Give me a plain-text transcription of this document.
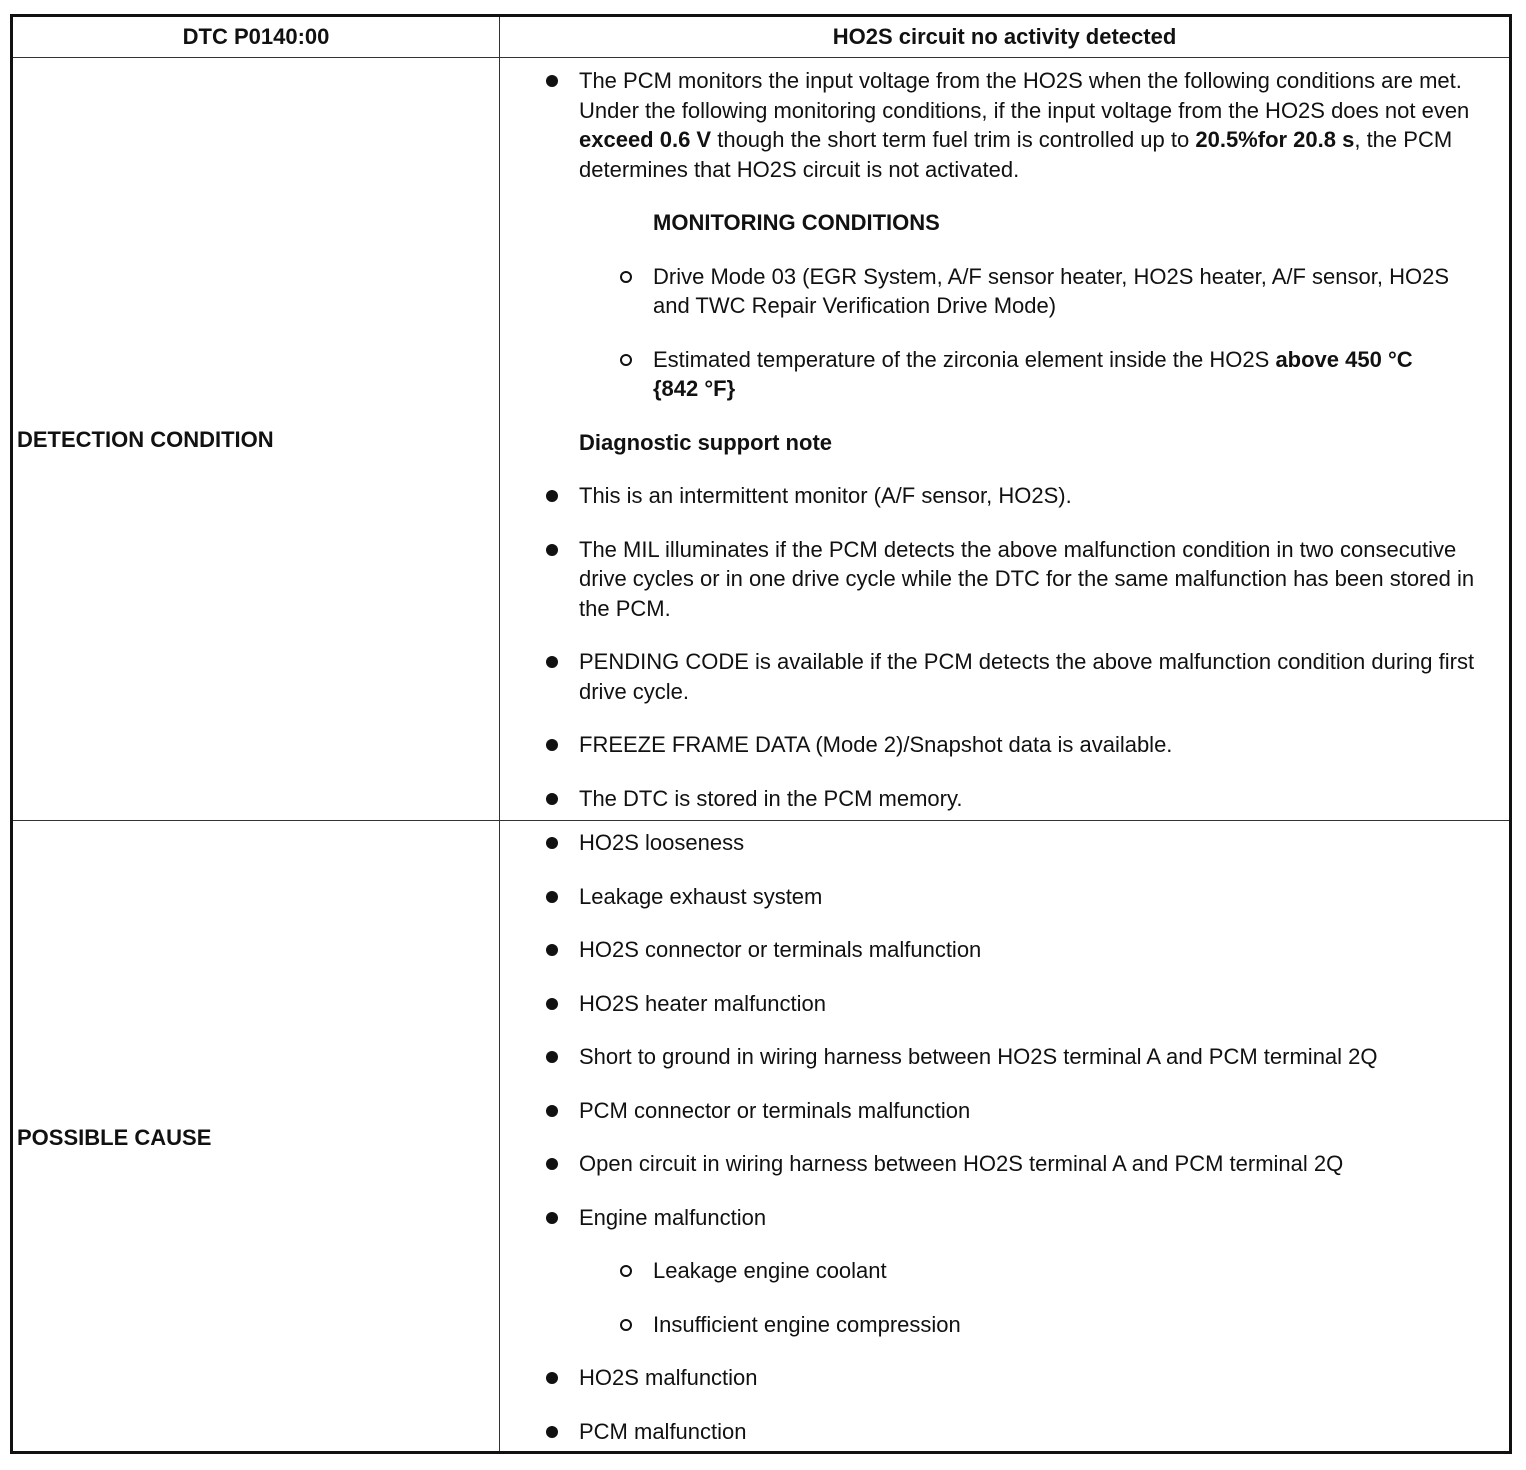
DTC P0140:00	HO2S circuit no activity detected
DETECTION CONDITION
The PCM monitors the input voltage from the HO2S when the following conditions are met. Under the following monitoring conditions, if the input voltage from the HO2S does not even exceed 0.6 V though the short term fuel trim is controlled up to 20.5%for 20.8 s, the PCM determines that HO2S circuit is not activated.
MONITORING CONDITIONS
Drive Mode 03 (EGR System, A/F sensor heater, HO2S heater, A/F sensor, HO2S and TWC Repair Verification Drive Mode)
Estimated temperature of the zirconia element inside the HO2S above 450 °C {842 °F}
Diagnostic support note
This is an intermittent monitor (A/F sensor, HO2S).
The MIL illuminates if the PCM detects the above malfunction condition in two consecutive drive cycles or in one drive cycle while the DTC for the same malfunction has been stored in the PCM.
PENDING CODE is available if the PCM detects the above malfunction condition during first drive cycle.
FREEZE FRAME DATA (Mode 2)/Snapshot data is available.
The DTC is stored in the PCM memory.
POSSIBLE CAUSE
HO2S looseness
Leakage exhaust system
HO2S connector or terminals malfunction
HO2S heater malfunction
Short to ground in wiring harness between HO2S terminal A and PCM terminal 2Q
PCM connector or terminals malfunction
Open circuit in wiring harness between HO2S terminal A and PCM terminal 2Q
Engine malfunction
Leakage engine coolant
Insufficient engine compression
HO2S malfunction
PCM malfunction
